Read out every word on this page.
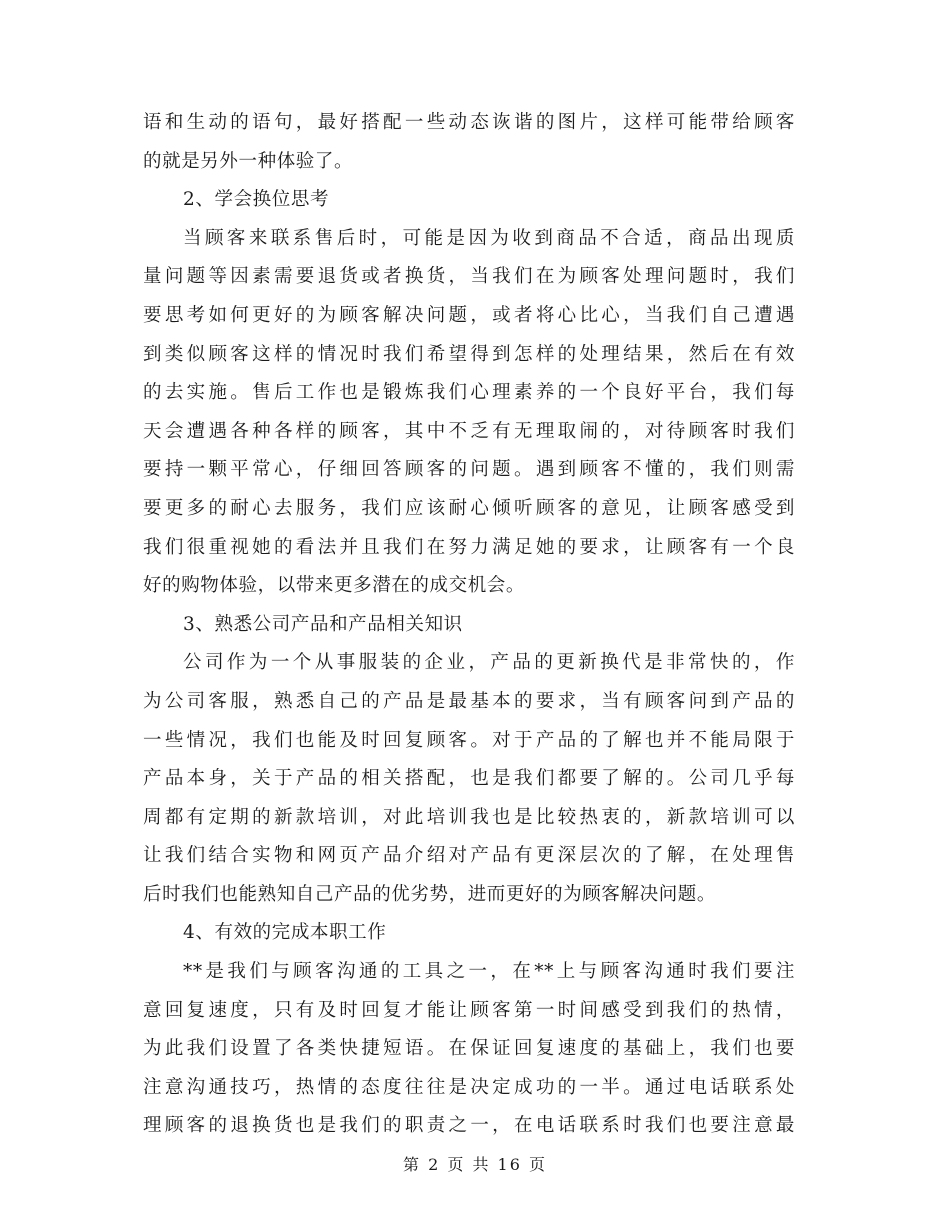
语和生动的语句，最好搭配一些动态诙谐的图片，这样可能带给顾客
的就是另外一种体验了。
2、学会换位思考
当顾客来联系售后时，可能是因为收到商品不合适，商品出现质
量问题等因素需要退货或者换货，当我们在为顾客处理问题时，我们
要思考如何更好的为顾客解决问题，或者将心比心，当我们自己遭遇
到类似顾客这样的情况时我们希望得到怎样的处理结果，然后在有效
的去实施。售后工作也是锻炼我们心理素养的一个良好平台，我们每
天会遭遇各种各样的顾客，其中不乏有无理取闹的，对待顾客时我们
要持一颗平常心，仔细回答顾客的问题。遇到顾客不懂的，我们则需
要更多的耐心去服务，我们应该耐心倾听顾客的意见，让顾客感受到
我们很重视她的看法并且我们在努力满足她的要求，让顾客有一个良
好的购物体验，以带来更多潜在的成交机会。
3、熟悉公司产品和产品相关知识
公司作为一个从事服装的企业，产品的更新换代是非常快的，作
为公司客服，熟悉自己的产品是最基本的要求，当有顾客问到产品的
一些情况，我们也能及时回复顾客。对于产品的了解也并不能局限于
产品本身，关于产品的相关搭配，也是我们都要了解的。公司几乎每
周都有定期的新款培训，对此培训我也是比较热衷的，新款培训可以
让我们结合实物和网页产品介绍对产品有更深层次的了解，在处理售
后时我们也能熟知自己产品的优劣势，进而更好的为顾客解决问题。
4、有效的完成本职工作
**是我们与顾客沟通的工具之一，在**上与顾客沟通时我们要注
意回复速度，只有及时回复才能让顾客第一时间感受到我们的热情，
为此我们设置了各类快捷短语。在保证回复速度的基础上，我们也要
注意沟通技巧，热情的态度往往是决定成功的一半。通过电话联系处
理顾客的退换货也是我们的职责之一，在电话联系时我们也要注意最
第 2 页 共 16 页
